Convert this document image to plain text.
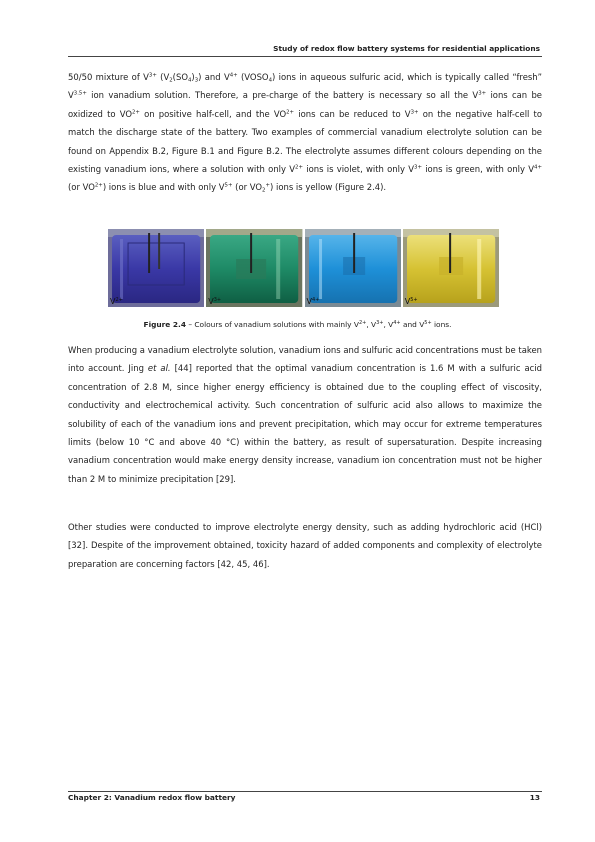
Study of redox flow battery systems for residential applications

50/50 mixture of $V^{3+}$ $(V_2(SO_4)_3)$ and $V^{4+}$ $(VOSO_4)$ ions in aqueous sulfuric acid, which is typically called “fresh” $V^{3.5+}$ ion vanadium solution. Therefore, a pre-charge of the battery is necessary so all the $V^{3+}$ ions can be oxidized to $VO^{2+}$ on positive half-cell, and the $VO^{2+}$ ions can be reduced to $V^{3+}$ on the negative half-cell to match the discharge state of the battery. Two examples of commercial vanadium electrolyte solution can be found on Appendix B.2, Figure B.1 and Figure B.2. The electrolyte assumes different colours depending on the existing vanadium ions, where a solution with only $V^{2+}$ ions is violet, with only $V^{3+}$ ions is green, with only $V^{4+}$ (or $VO^{2+}$) ions is blue and with only $V^{5+}$ (or $VO_2^+$) ions is yellow (Figure 2.4).

$V^{2+}$	$V^{3+}$	$V^{4+}$	$V^{5+}$
Figure 2.4 – Colours of vanadium solutions with mainly $V^{2+}$, $V^{3+}$, $V^{4+}$ and $V^{5+}$ ions.

When producing a vanadium electrolyte solution, vanadium ions and sulfuric acid concentrations must be taken into account. Jing et al. [44] reported that the optimal vanadium concentration is 1.6 M with a sulfuric acid concentration of 2.8 M, since higher energy efficiency is obtained due to the coupling effect of viscosity, conductivity and electrochemical activity. Such concentration of sulfuric acid also allows to maximize the solubility of each of the vanadium ions and prevent precipitation, which may occur for extreme temperatures limits (below 10 °C and above 40 °C) within the battery, as result of supersaturation. Despite increasing vanadium concentration would make energy density increase, vanadium ion concentration must not be higher than 2 M to minimize precipitation [29].

Other studies were conducted to improve electrolyte energy density, such as adding hydrochloric acid (HCl) [32]. Despite of the improvement obtained, toxicity hazard of added components and complexity of electrolyte preparation are concerning factors [42, 45, 46].

Chapter 2: Vanadium redox flow battery	13
